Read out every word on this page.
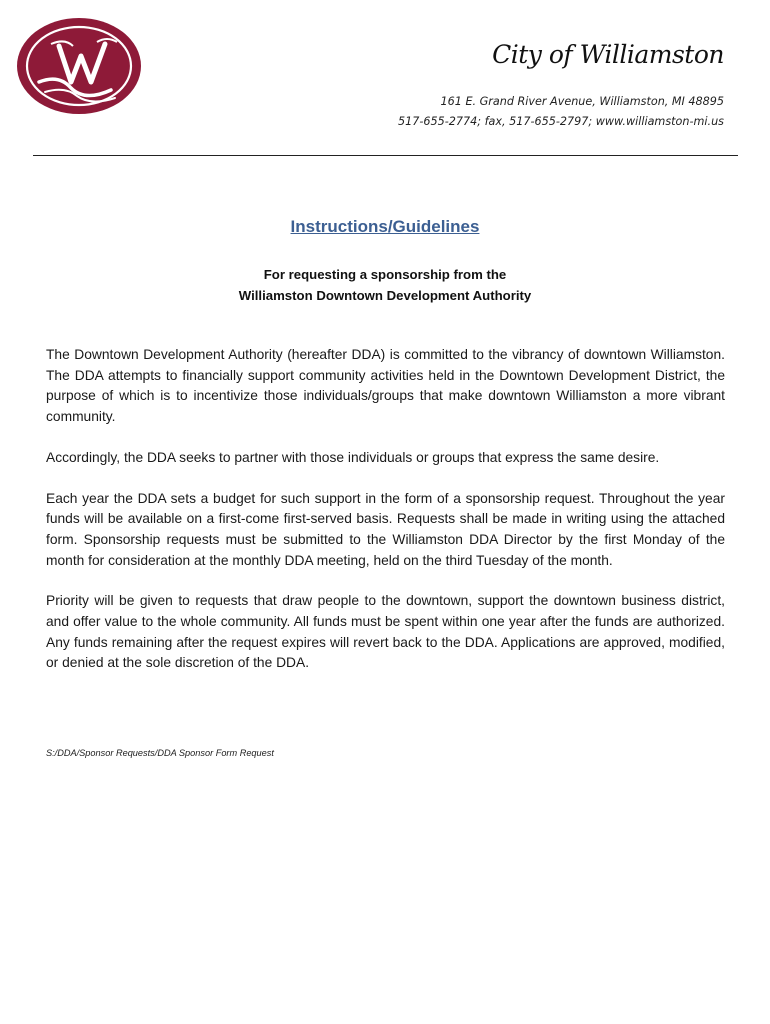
City of Williamston
161 E. Grand River Avenue, Williamston, MI 48895
517-655-2774; fax, 517-655-2797; www.williamston-mi.us
Instructions/Guidelines
For requesting a sponsorship from the
Williamston Downtown Development Authority

The Downtown Development Authority (hereafter DDA) is committed to the vibrancy of downtown Williamston. The DDA attempts to financially support community activities held in the Downtown Development District, the purpose of which is to incentivize those individuals/groups that make downtown Williamston a more vibrant community.

Accordingly, the DDA seeks to partner with those individuals or groups that express the same desire.

Each year the DDA sets a budget for such support in the form of a sponsorship request. Throughout the year funds will be available on a first-come first-served basis. Requests shall be made in writing using the attached form. Sponsorship requests must be submitted to the Williamston DDA Director by the first Monday of the month for consideration at the monthly DDA meeting, held on the third Tuesday of the month.

Priority will be given to requests that draw people to the downtown, support the downtown business district, and offer value to the whole community. All funds must be spent within one year after the funds are authorized. Any funds remaining after the request expires will revert back to the DDA. Applications are approved, modified, or denied at the sole discretion of the DDA.

S:/DDA/Sponsor Requests/DDA Sponsor Form Request
